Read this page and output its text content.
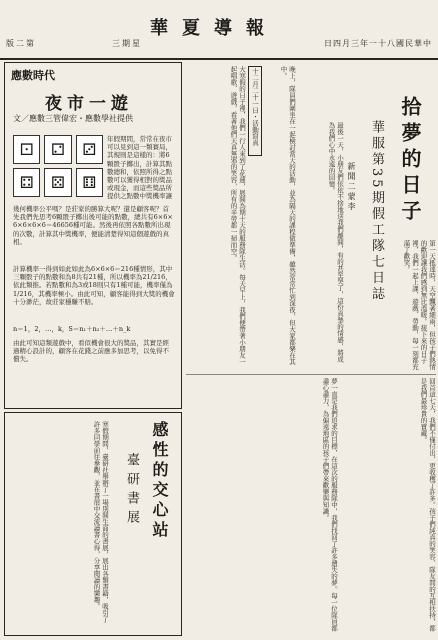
華夏導報
版二第	三期星	日四月三年一十八國民華中
應數時代
夜市一遊
文／應數三管偉宏・應數學社提供
⚀	⚁	⚂
⚃	⚄	⚅
年假期間，常常在夜市可以見到這一類賽局，其規則是這樣的：將6顆骰子擲出，計算其點數總和，依照所得之點數可以獲得相對的獎品或現金，而這些獎品所提供之點數中獎機率讓
幾何機率公平嗎？是莊家的勝算大呢？還是顧客呢？首先我們先思考6顆骰子擲出後可能的點數，總共有6×6×6×6×6×6＝46656種可能。然後再依照各點數所出現的次數，計算其中獎機率，便能清楚得知這個遊戲的真相。
計算機率一得到如此如此為6×6×6＝216種情形，其中三顆骰子的點數和為8共有21種，所以機率為21/216，依此類推。若點數和為3或18則只有1種可能，機率僅為1/216，其機率極小。由此可知，顧客能得到大獎的機會十分渺茫，故莊家穩賺不賠。
n＝1，2，…，k，S＝n₁＋n₂＋…＋n_k
由此可知這類遊戲中，看似機會很大的獎品，其實是經過精心設計的，顧客在花錢之前應多加思考，以免得不償失。
感性的交心站
臺研書展
寒假期間，臺研社舉辦了一場別開生面的書展，展出各類書籍，吸引了許多同學前往參觀，並在書展中交流讀書心得，分享閱讀的樂趣。
大寒假的日子裡，我們一行人來到了花蓮，展開為期十天的服務隊生活。每天早上，我們便帶著小朋友一起唱歌、遊戲，看著他們天真無邪的笑容，所有的辛勞都一掃而空。	晚上，隊員們圍坐在一起檢討當天的活動，並為隔天的課程做準備，雖然常常忙到深夜，但大家都樂在其中。
最後一天，小朋友們依依不捨地送我們離開，有的甚至哭了，這份真摯的情感，將成為我們心中永遠的回憶。
十二月二十一日・活動寫真	拾夢的日子
華服第35期假工隊七日誌
新聞二蒙李
夢一直是我們追求的目標，在這次的服務隊中，我們找回了許多遺失的夢。每一位隊員都盡心盡力，為偏遠地區的孩子們帶來歡樂與知識。
第一天抵達時，天空飄著細雨，但孩子們熱情的歡迎讓我們感到無比溫暖。接下來的日子裡，我們一起上課、遊戲、勞動，每一刻都充滿了歡笑。
回首這七天，我們不僅付出，更收穫了許多。孩子們純真的笑容、隊友間的互相扶持，都是我們最珍貴的寶藏。
